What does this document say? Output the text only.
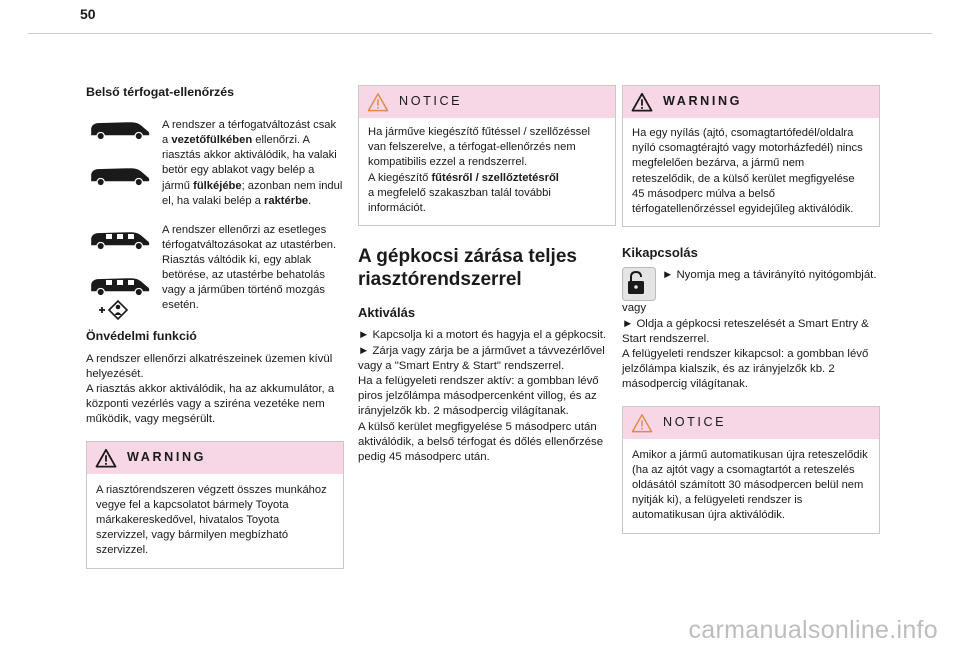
50
Belső térfogat-ellenőrzés
A rendszer a térfogatváltozást csak a vezetőfülkében ellenőrzi. A riasztás akkor aktiválódik, ha valaki betör egy ablakot vagy belép a jármű fülkéjébe; azonban nem indul el, ha valaki belép a raktérbe.

A rendszer ellenőrzi az esetleges térfogatváltozásokat az utastérben.

Riasztás váltódik ki, egy ablak betörése, az utastérbe behatolás vagy a járműben történő mozgás esetén.

Önvédelmi funkció

A rendszer ellenőrzi alkatrészeinek üzemen kívül helyezését.

A riasztás akkor aktiválódik, ha az akkumulátor, a központi vezérlés vagy a sziréna vezetéke nem működik, vagy megsérült.

WARNING
A riasztórendszeren végzett összes munkához vegye fel a kapcsolatot bármely Toyota márkakereskedővel, hivatalos Toyota szervizzel, vagy bármilyen megbízható szervizzel.
NOTICE

Ha járműve kiegészítő fűtéssel / szellőzéssel van felszerelve, a térfogat-ellenőrzés nem kompatibilis ezzel a rendszerrel.

A kiegészítő fűtésről / szellőztetésről

a megfelelő szakaszban talál további információt.

A gépkocsi zárása teljes riasztórendszerrel
Aktiválás

► Kapcsolja ki a motort és hagyja el a gépkocsit.

► Zárja vagy zárja be a járművet a távvezérlővel vagy a "Smart Entry & Start" rendszerrel.

Ha a felügyeleti rendszer aktív: a gombban lévő piros jelzőlámpa másodpercenként villog, és az irányjelzők kb. 2 másodpercig világítanak.

A külső kerület megfigyelése 5 másodperc után aktiválódik, a belső térfogat és dőlés ellenőrzése pedig 45 másodperc után.

WARNING
Ha egy nyílás (ajtó, csomagtartófedél/oldalra nyíló csomagtérajtó vagy motorházfedél) nincs megfelelően bezárva, a jármű nem reteszelődik, de a külső kerület megfigyelése 45 másodperc múlva a belső térfogatellenőrzéssel egyidejűleg aktiválódik.
Kikapcsolás

► Nyomja meg a távirányító nyitógombját.

vagy

► Oldja a gépkocsi reteszelését a Smart Entry & Start rendszerrel.

A felügyeleti rendszer kikapcsol: a gombban lévő jelzőlámpa kialszik, és az irányjelzők kb. 2 másodpercig világítanak.

NOTICE
Amikor a jármű automatikusan újra reteszelődik (ha az ajtót vagy a csomagtartót a reteszelés oldásától számított 30 másodpercen belül nem nyitják ki), a felügyeleti rendszer is automatikusan újra aktiválódik.
carmanualsonline.info
